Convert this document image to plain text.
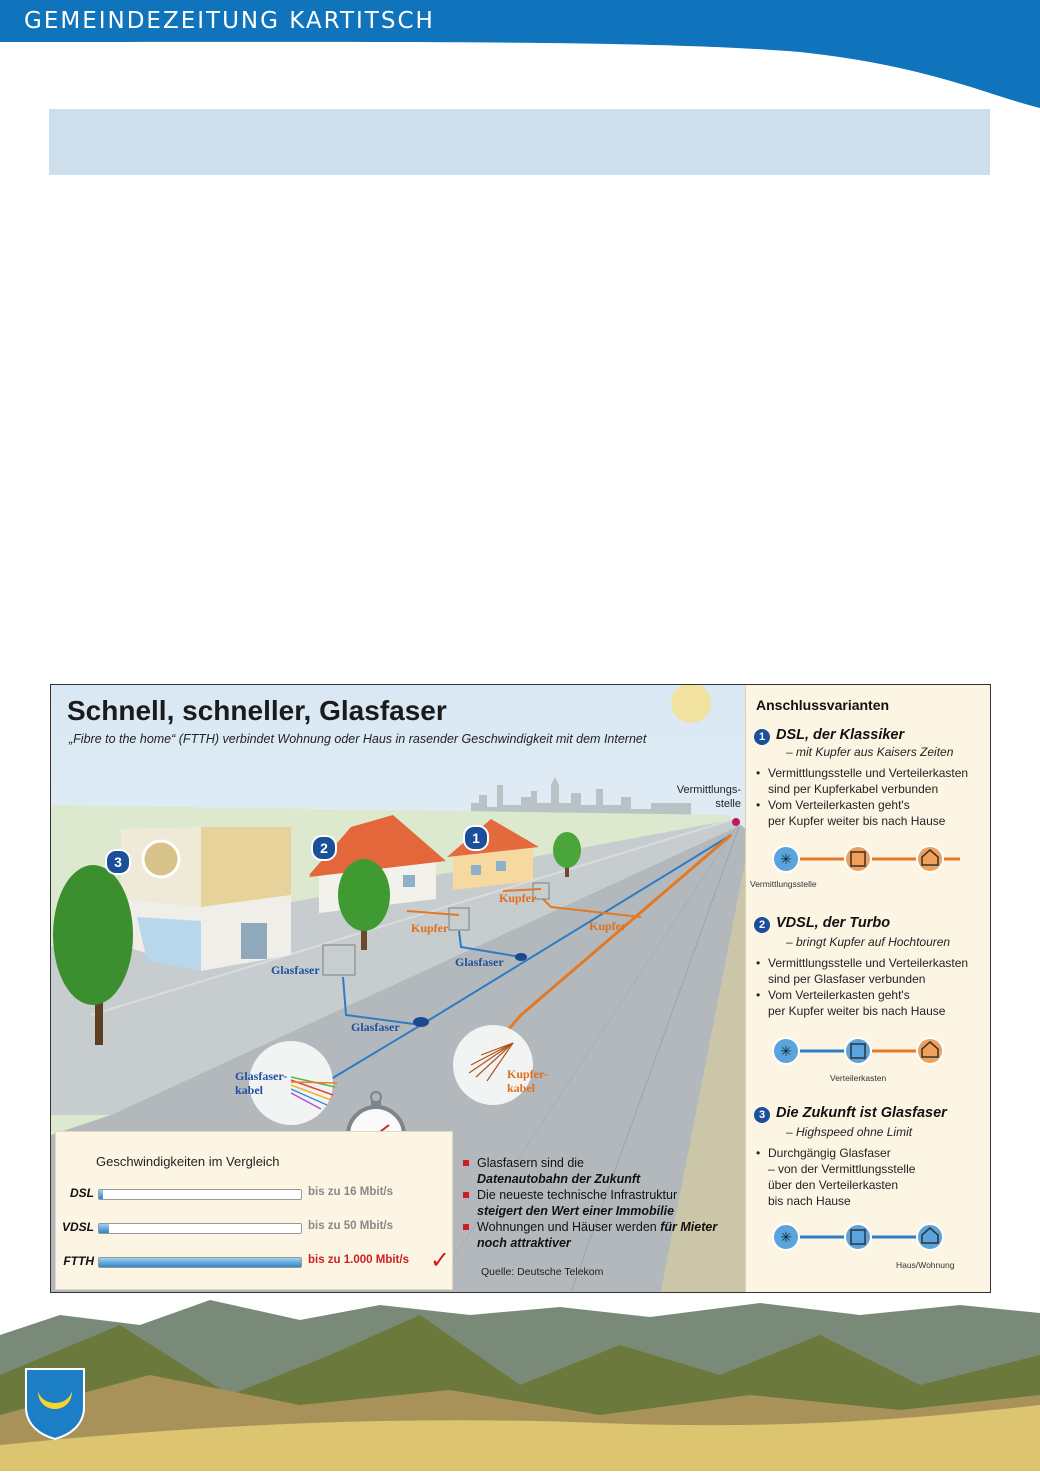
GEMEINDEZEITUNG KARTITSCH
Schnell, schneller, Glasfaser
„Fibre to the home“ (FTTH) verbindet Wohnung oder Haus in rasender Geschwindigkeit mit dem Internet
Vermittlungs-
stelle
1
2
3
Kupfer
Kupfer	Kupfer
Glasfaser
Glasfaser
Glasfaser
Glasfaser-
kabel
Kupfer-
kabel
Anschlussvarianten
1 DSL, der Klassiker
– mit Kupfer aus Kaisers Zeiten
• Vermittlungsstelle und Verteilerkasten
sind per Kupferkabel verbunden
• Vom Verteilerkasten geht's
per Kupfer weiter bis nach Hause
✳
Vermittlungsstelle
2 VDSL, der Turbo
– bringt Kupfer auf Hochtouren
• Vermittlungsstelle und Verteilerkasten
sind per Glasfaser verbunden
• Vom Verteilerkasten geht's
per Kupfer weiter bis nach Hause
✳
Verteilerkasten
3 Die Zukunft ist Glasfaser
– Highspeed ohne Limit
• Durchgängig Glasfaser
– von der Vermittlungsstelle
über den Verteilerkasten
bis nach Hause
✳
Haus/Wohnung
Geschwindigkeiten im Vergleich
DSL	bis zu 16 Mbit/s
VDSL	bis zu 50 Mbit/s
FTTH	bis zu 1.000 Mbit/s ✓
Glasfasern sind die
Datenautobahn der Zukunft
Die neueste technische Infrastruktur
steigert den Wert einer Immobilie
Wohnungen und Häuser werden für Mieter noch attraktiver
Quelle: Deutsche Telekom
